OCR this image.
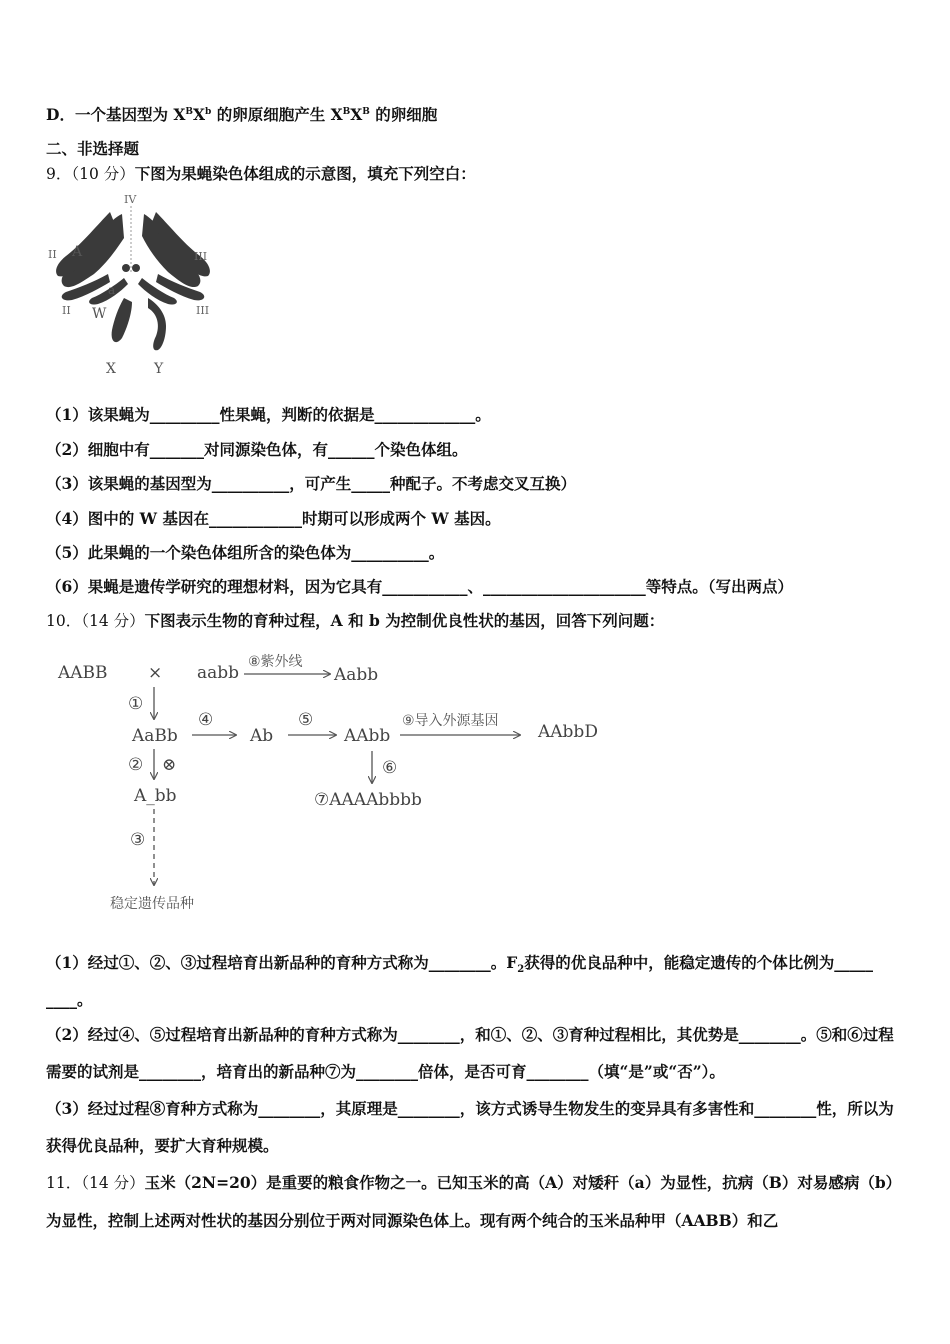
D．一个基因型为 $X^BX^b$ 的卵原细胞产生 $X^BX^B$ 的卵细胞
二、非选择题
9．（10 分）下图为果蝇染色体组成的示意图，填充下列空白：
IV
II	III
II	III
A
a
W
X	Y
（1）该果蝇为_________性果蝇，判断的依据是_____________。
（2）细胞中有_______对同源染色体，有______个染色体组。
（3）该果蝇的基因型为__________，可产生_____种配子。不考虑交叉互换）
（4）图中的 W 基因在____________时期可以形成两个 W 基因。
（5）此果蝇的一个染色体组所含的染色体为__________。
（6）果蝇是遗传学研究的理想材料，因为它具有___________、_____________________等特点。（写出两点）
10．（14 分）下图表示生物的育种过程，A 和 b 为控制优良性状的基因，回答下列问题：
AABB × aabb
⑧紫外线
Aabb
①
AaBb
④
Ab
⑤
AAbb
⑨导入外源基因
AAbbD
② ⊗	⑥
A_bb	⑦AAAAbbbb
③
稳定遗传品种
（1）经过①、②、③过程培育出新品种的育种方式称为________。$F_2$获得的优良品种中，能稳定遗传的个体比例为_____
____。
（2）经过④、⑤过程培育出新品种的育种方式称为________，和①、②、③育种过程相比，其优势是________。⑤和⑥过程需要的试剂是________，培育出的新品种⑦为________倍体，是否可育________（填“是”或“否”）。
（3）经过过程⑧育种方式称为________，其原理是________，该方式诱导生物发生的变异具有多害性和________性，所以为获得优良品种，要扩大育种规模。
11．（14 分）玉米（2N=20）是重要的粮食作物之一。已知玉米的高（A）对矮秆（a）为显性，抗病（B）对易感病（b）为显性，控制上述两对性状的基因分别位于两对同源染色体上。现有两个纯合的玉米品种甲（AABB）和乙
